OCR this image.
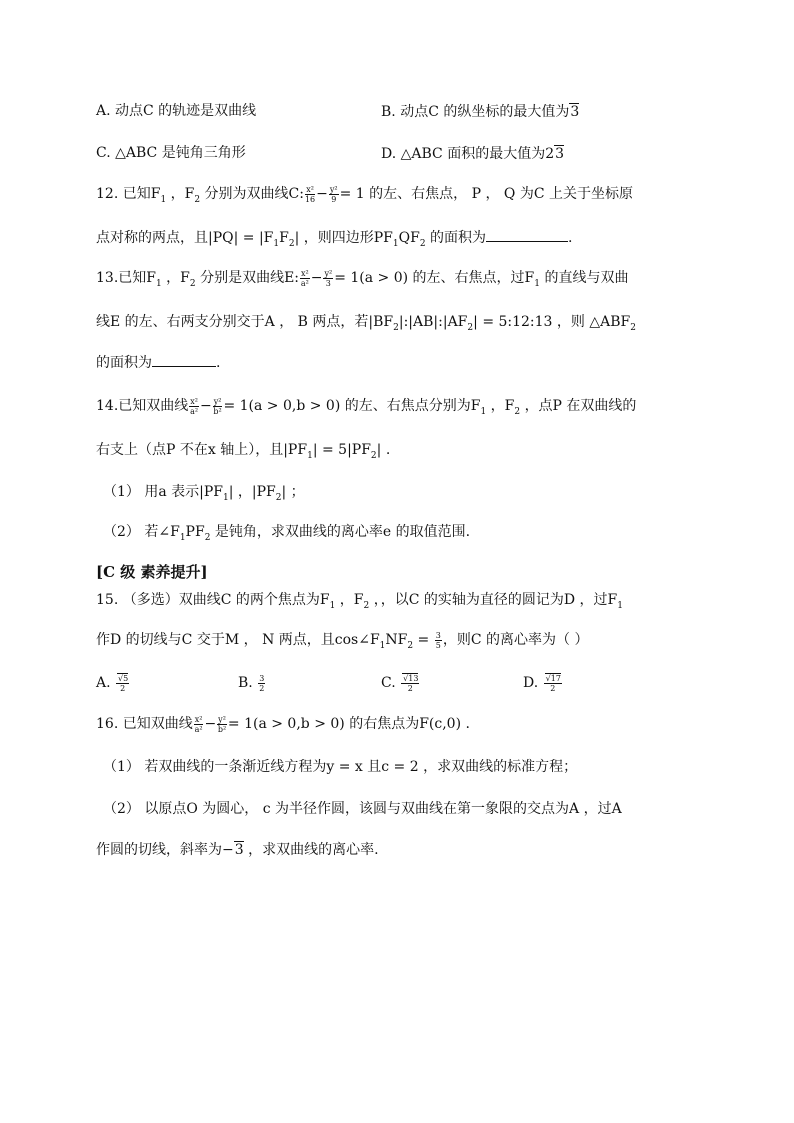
A. 动点C 的轨迹是双曲线	B. 动点C 的纵坐标的最大值为3
C. △ABC 是钝角三角形	D. △ABC 面积的最大值为23
12. 已知$F_1$ ，$F_2$ 分别为双曲线C: $\frac{\text{x²}}{16} - \frac{\text{y²}}{9} = 1$ 的左、右焦点， P ， Q 为C 上关于坐标原
点对称的两点，且$|PQ| = |F_1F_2|$ ，则四边形$PF_1QF_2$ 的面积为	.
13.已知$F_1$ ，$F_2$ 分别是双曲线E: $\frac{\text{x²}}{\text{a²}} - \frac{\text{y²}}{3} = 1(a > 0)$ 的左、右焦点，过$F_1$ 的直线与双曲
线E 的左、右两支分别交于A ， B 两点，若$|BF_2|:|AB|:|AF_2|$ = 5:12:13 ，则 $\triangle ABF_2$
的面积为	.
14.已知双曲线 $\frac{\text{x²}}{\text{a²}} - \frac{\text{y²}}{\text{b²}} = 1(a > 0,b > 0)$ 的左、右焦点分别为$F_1$ ，$F_2$ ，点P 在双曲线的
右支上（点P 不在x 轴上），且$|PF_1| = 5|PF_2|$ .
（1） 用a 表示$|PF_1|$ ，$|PF_2|$ ；
（2） 若$\angle F_1PF_2$ 是钝角，求双曲线的离心率e 的取值范围.
[C 级 素养提升]
15. （多选）双曲线C 的两个焦点为$F_1$ ，$F_2$ ，，以C 的实轴为直径的圆记为D ，过$F_1$
作D 的切线与C 交于M ， N 两点，且$\cos\angle F_1NF_2 = \frac{3}{5}$ ，则C 的离心率为（ ）
A. $\frac{√5}{2}$	B. $\frac{3}{2}$	C. $\frac{√13}{2}$	D. $\frac{√17}{2}$
16. 已知双曲线 $\frac{\text{x²}}{\text{a²}} - \frac{\text{y²}}{\text{b²}} = 1(a > 0,b > 0)$ 的右焦点为F(c,0) .
（1） 若双曲线的一条渐近线方程为y = x 且c = 2 ，求双曲线的标准方程；
（2） 以原点O 为圆心， c 为半径作圆，该圆与双曲线在第一象限的交点为A ，过A
作圆的切线，斜率为−3 ，求双曲线的离心率.
